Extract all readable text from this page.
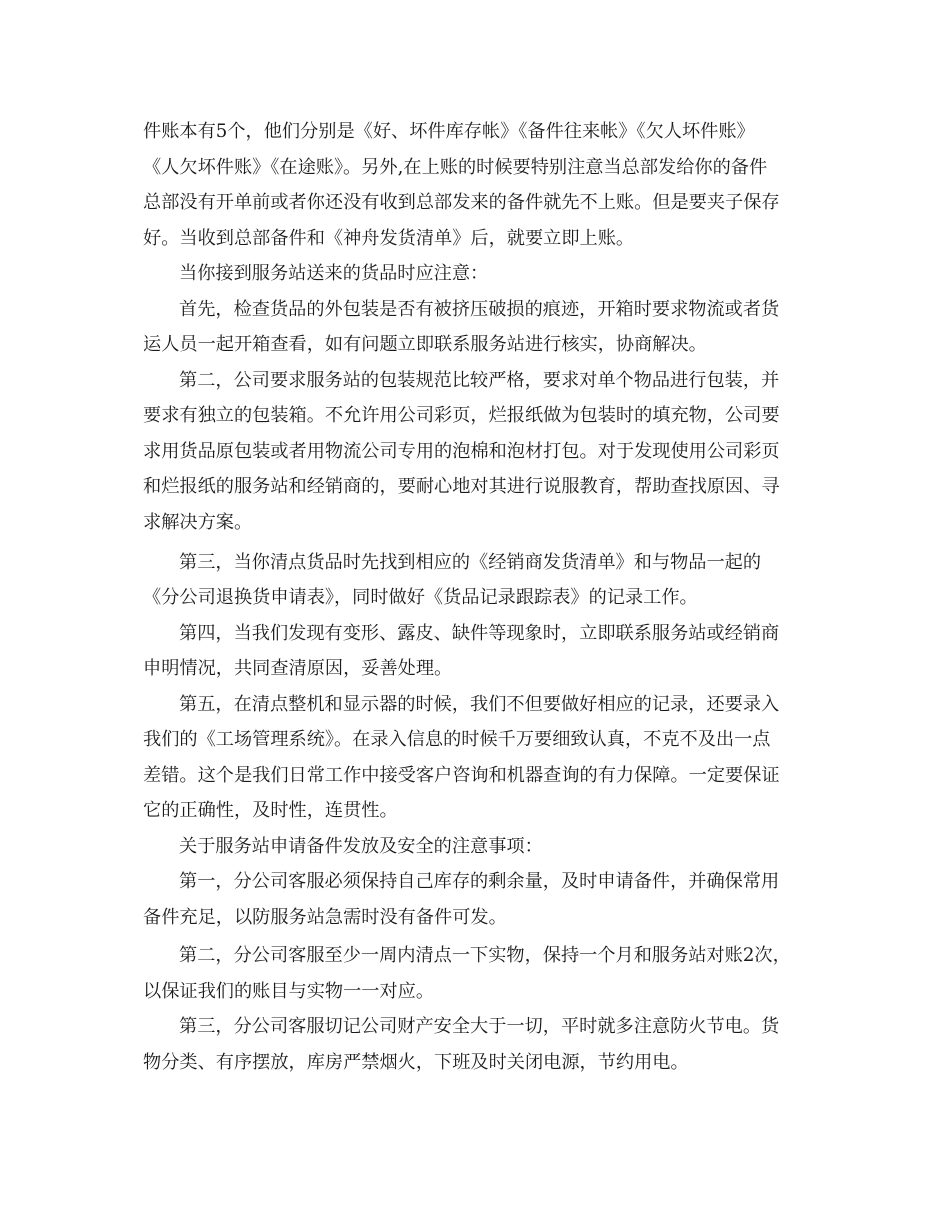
件账本有5个，他们分别是《好、坏件库存帐》《备件往来帐》《欠人坏件账》
《人欠坏件账》《在途账》。另外,在上账的时候要特别注意当总部发给你的备件
总部没有开单前或者你还没有收到总部发来的备件就先不上账。但是要夹子保存
好。当收到总部备件和《神舟发货清单》后，就要立即上账。
当你接到服务站送来的货品时应注意：
首先，检查货品的外包装是否有被挤压破损的痕迹，开箱时要求物流或者货
运人员一起开箱查看，如有问题立即联系服务站进行核实，协商解决。
第二，公司要求服务站的包装规范比较严格，要求对单个物品进行包装，并
要求有独立的包装箱。不允许用公司彩页，烂报纸做为包装时的填充物，公司要
求用货品原包装或者用物流公司专用的泡棉和泡材打包。对于发现使用公司彩页
和烂报纸的服务站和经销商的，要耐心地对其进行说服教育，帮助查找原因、寻
求解决方案。
第三，当你清点货品时先找到相应的《经销商发货清单》和与物品一起的
《分公司退换货申请表》，同时做好《货品记录跟踪表》的记录工作。
第四，当我们发现有变形、露皮、缺件等现象时，立即联系服务站或经销商
申明情况，共同查清原因，妥善处理。
第五，在清点整机和显示器的时候，我们不但要做好相应的记录，还要录入
我们的《工场管理系统》。在录入信息的时候千万要细致认真，不克不及出一点
差错。这个是我们日常工作中接受客户咨询和机器查询的有力保障。一定要保证
它的正确性，及时性，连贯性。
关于服务站申请备件发放及安全的注意事项：
第一，分公司客服必须保持自己库存的剩余量，及时申请备件，并确保常用
备件充足，以防服务站急需时没有备件可发。
第二，分公司客服至少一周内清点一下实物，保持一个月和服务站对账2次，
以保证我们的账目与实物一一对应。
第三，分公司客服切记公司财产安全大于一切，平时就多注意防火节电。货
物分类、有序摆放，库房严禁烟火，下班及时关闭电源，节约用电。
